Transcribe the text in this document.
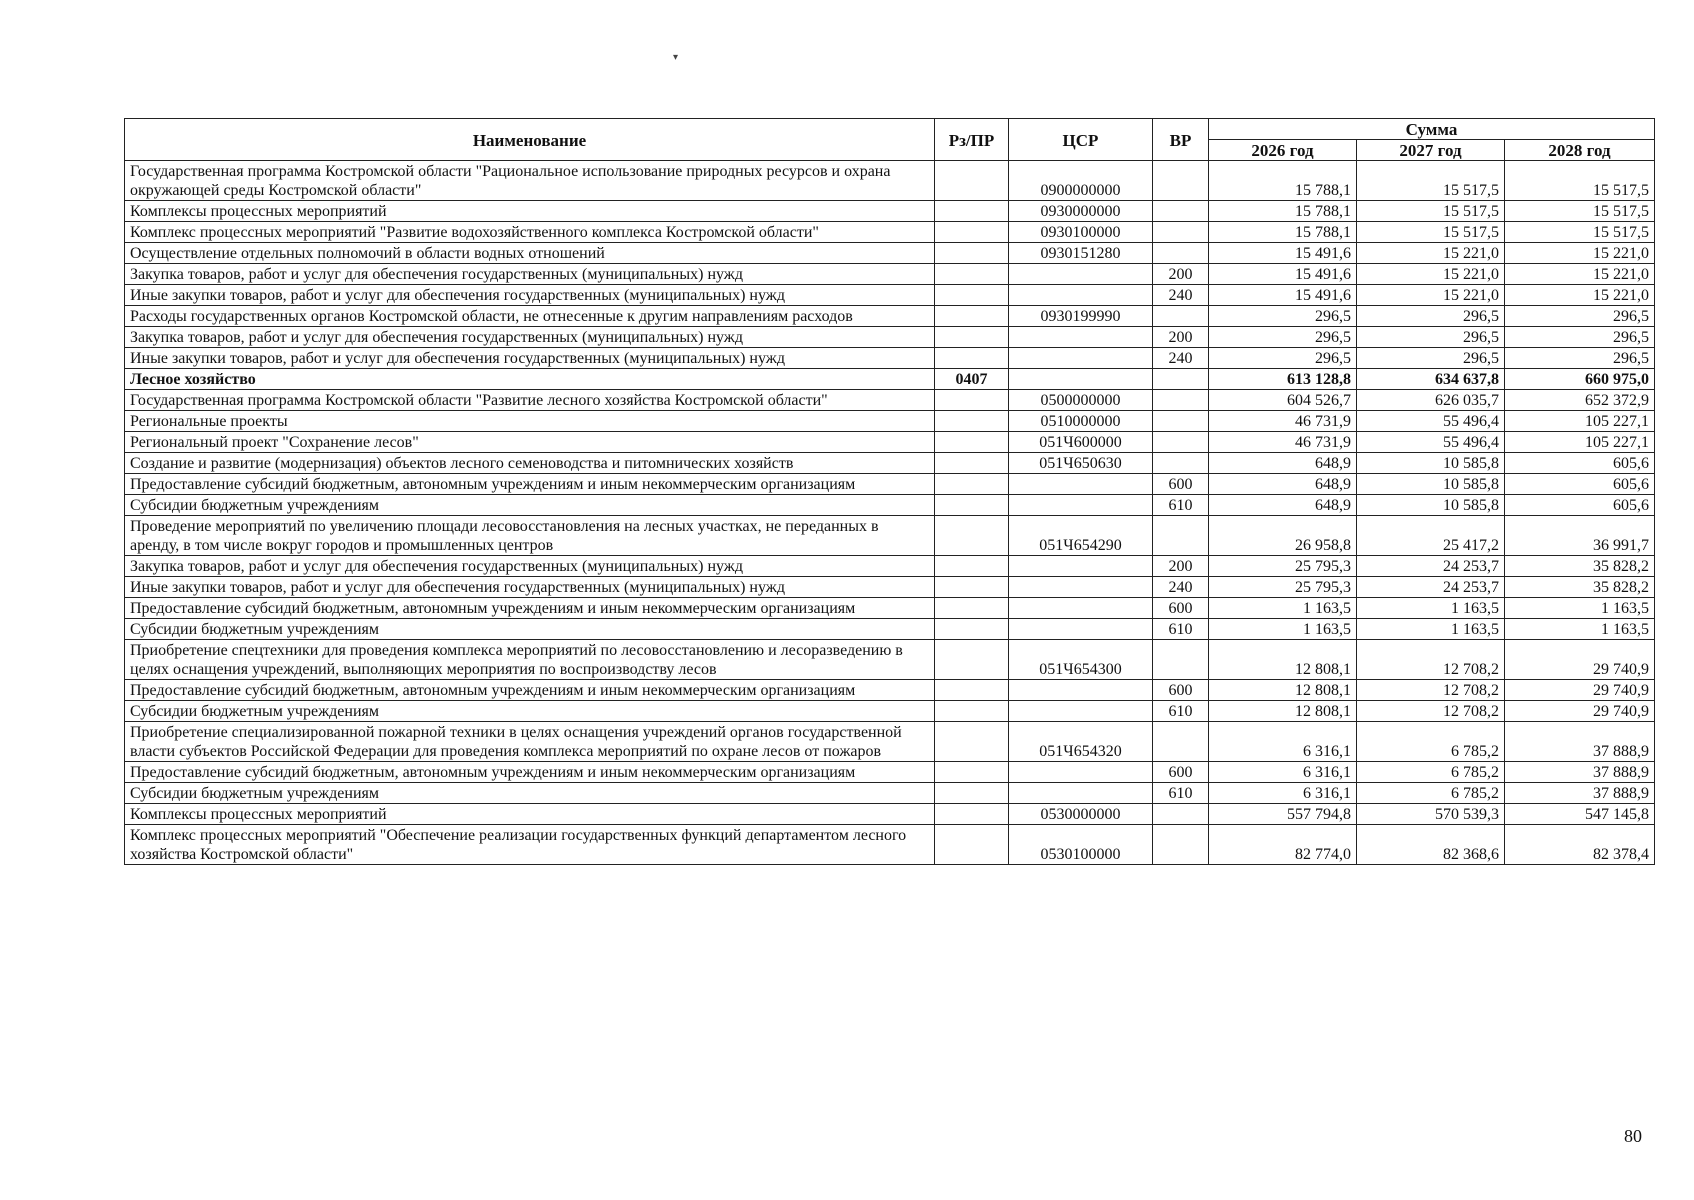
▾
Наименование	Рз/ПР	ЦСР	ВР	Сумма		
				2026 год	2027 год	2028 год
Государственная программа Костромской области "Рациональное использование природных ресурсов и охрана окружающей среды Костромской области"		0900000000		15 788,1	15 517,5	15 517,5
Комплексы процессных мероприятий		0930000000		15 788,1	15 517,5	15 517,5
Комплекс процессных мероприятий "Развитие водохозяйственного комплекса Костромской области"		0930100000		15 788,1	15 517,5	15 517,5
Осуществление отдельных полномочий в области водных отношений		0930151280		15 491,6	15 221,0	15 221,0
Закупка товаров, работ и услуг для обеспечения государственных (муниципальных) нужд			200	15 491,6	15 221,0	15 221,0
Иные закупки товаров, работ и услуг для обеспечения государственных (муниципальных) нужд			240	15 491,6	15 221,0	15 221,0
Расходы государственных органов Костромской области, не отнесенные к другим направлениям расходов		0930199990		296,5	296,5	296,5
Закупка товаров, работ и услуг для обеспечения государственных (муниципальных) нужд			200	296,5	296,5	296,5
Иные закупки товаров, работ и услуг для обеспечения государственных (муниципальных) нужд			240	296,5	296,5	296,5
Лесное хозяйство	0407			613 128,8	634 637,8	660 975,0
Государственная программа Костромской области "Развитие лесного хозяйства Костромской области"		0500000000		604 526,7	626 035,7	652 372,9
Региональные проекты		0510000000		46 731,9	55 496,4	105 227,1
Региональный проект "Сохранение лесов"		051Ч600000		46 731,9	55 496,4	105 227,1
Создание и развитие (модернизация) объектов лесного семеноводства и питомнических хозяйств		051Ч650630		648,9	10 585,8	605,6
Предоставление субсидий бюджетным, автономным учреждениям и иным некоммерческим организациям			600	648,9	10 585,8	605,6
Субсидии бюджетным учреждениям			610	648,9	10 585,8	605,6
Проведение мероприятий по увеличению площади лесовосстановления на лесных участках, не переданных в аренду, в том числе вокруг городов и промышленных центров		051Ч654290		26 958,8	25 417,2	36 991,7
Закупка товаров, работ и услуг для обеспечения государственных (муниципальных) нужд			200	25 795,3	24 253,7	35 828,2
Иные закупки товаров, работ и услуг для обеспечения государственных (муниципальных) нужд			240	25 795,3	24 253,7	35 828,2
Предоставление субсидий бюджетным, автономным учреждениям и иным некоммерческим организациям			600	1 163,5	1 163,5	1 163,5
Субсидии бюджетным учреждениям			610	1 163,5	1 163,5	1 163,5
Приобретение спецтехники для проведения комплекса мероприятий по лесовосстановлению и лесоразведению в целях оснащения учреждений, выполняющих мероприятия по воспроизводству лесов		051Ч654300		12 808,1	12 708,2	29 740,9
Предоставление субсидий бюджетным, автономным учреждениям и иным некоммерческим организациям			600	12 808,1	12 708,2	29 740,9
Субсидии бюджетным учреждениям			610	12 808,1	12 708,2	29 740,9
Приобретение специализированной пожарной техники в целях оснащения учреждений органов государственной власти субъектов Российской Федерации для проведения комплекса мероприятий по охране лесов от пожаров		051Ч654320		6 316,1	6 785,2	37 888,9
Предоставление субсидий бюджетным, автономным учреждениям и иным некоммерческим организациям			600	6 316,1	6 785,2	37 888,9
Субсидии бюджетным учреждениям			610	6 316,1	6 785,2	37 888,9
Комплексы процессных мероприятий		0530000000		557 794,8	570 539,3	547 145,8
Комплекс процессных мероприятий "Обеспечение реализации государственных функций департаментом лесного хозяйства Костромской области"		0530100000		82 774,0	82 368,6	82 378,4
80
